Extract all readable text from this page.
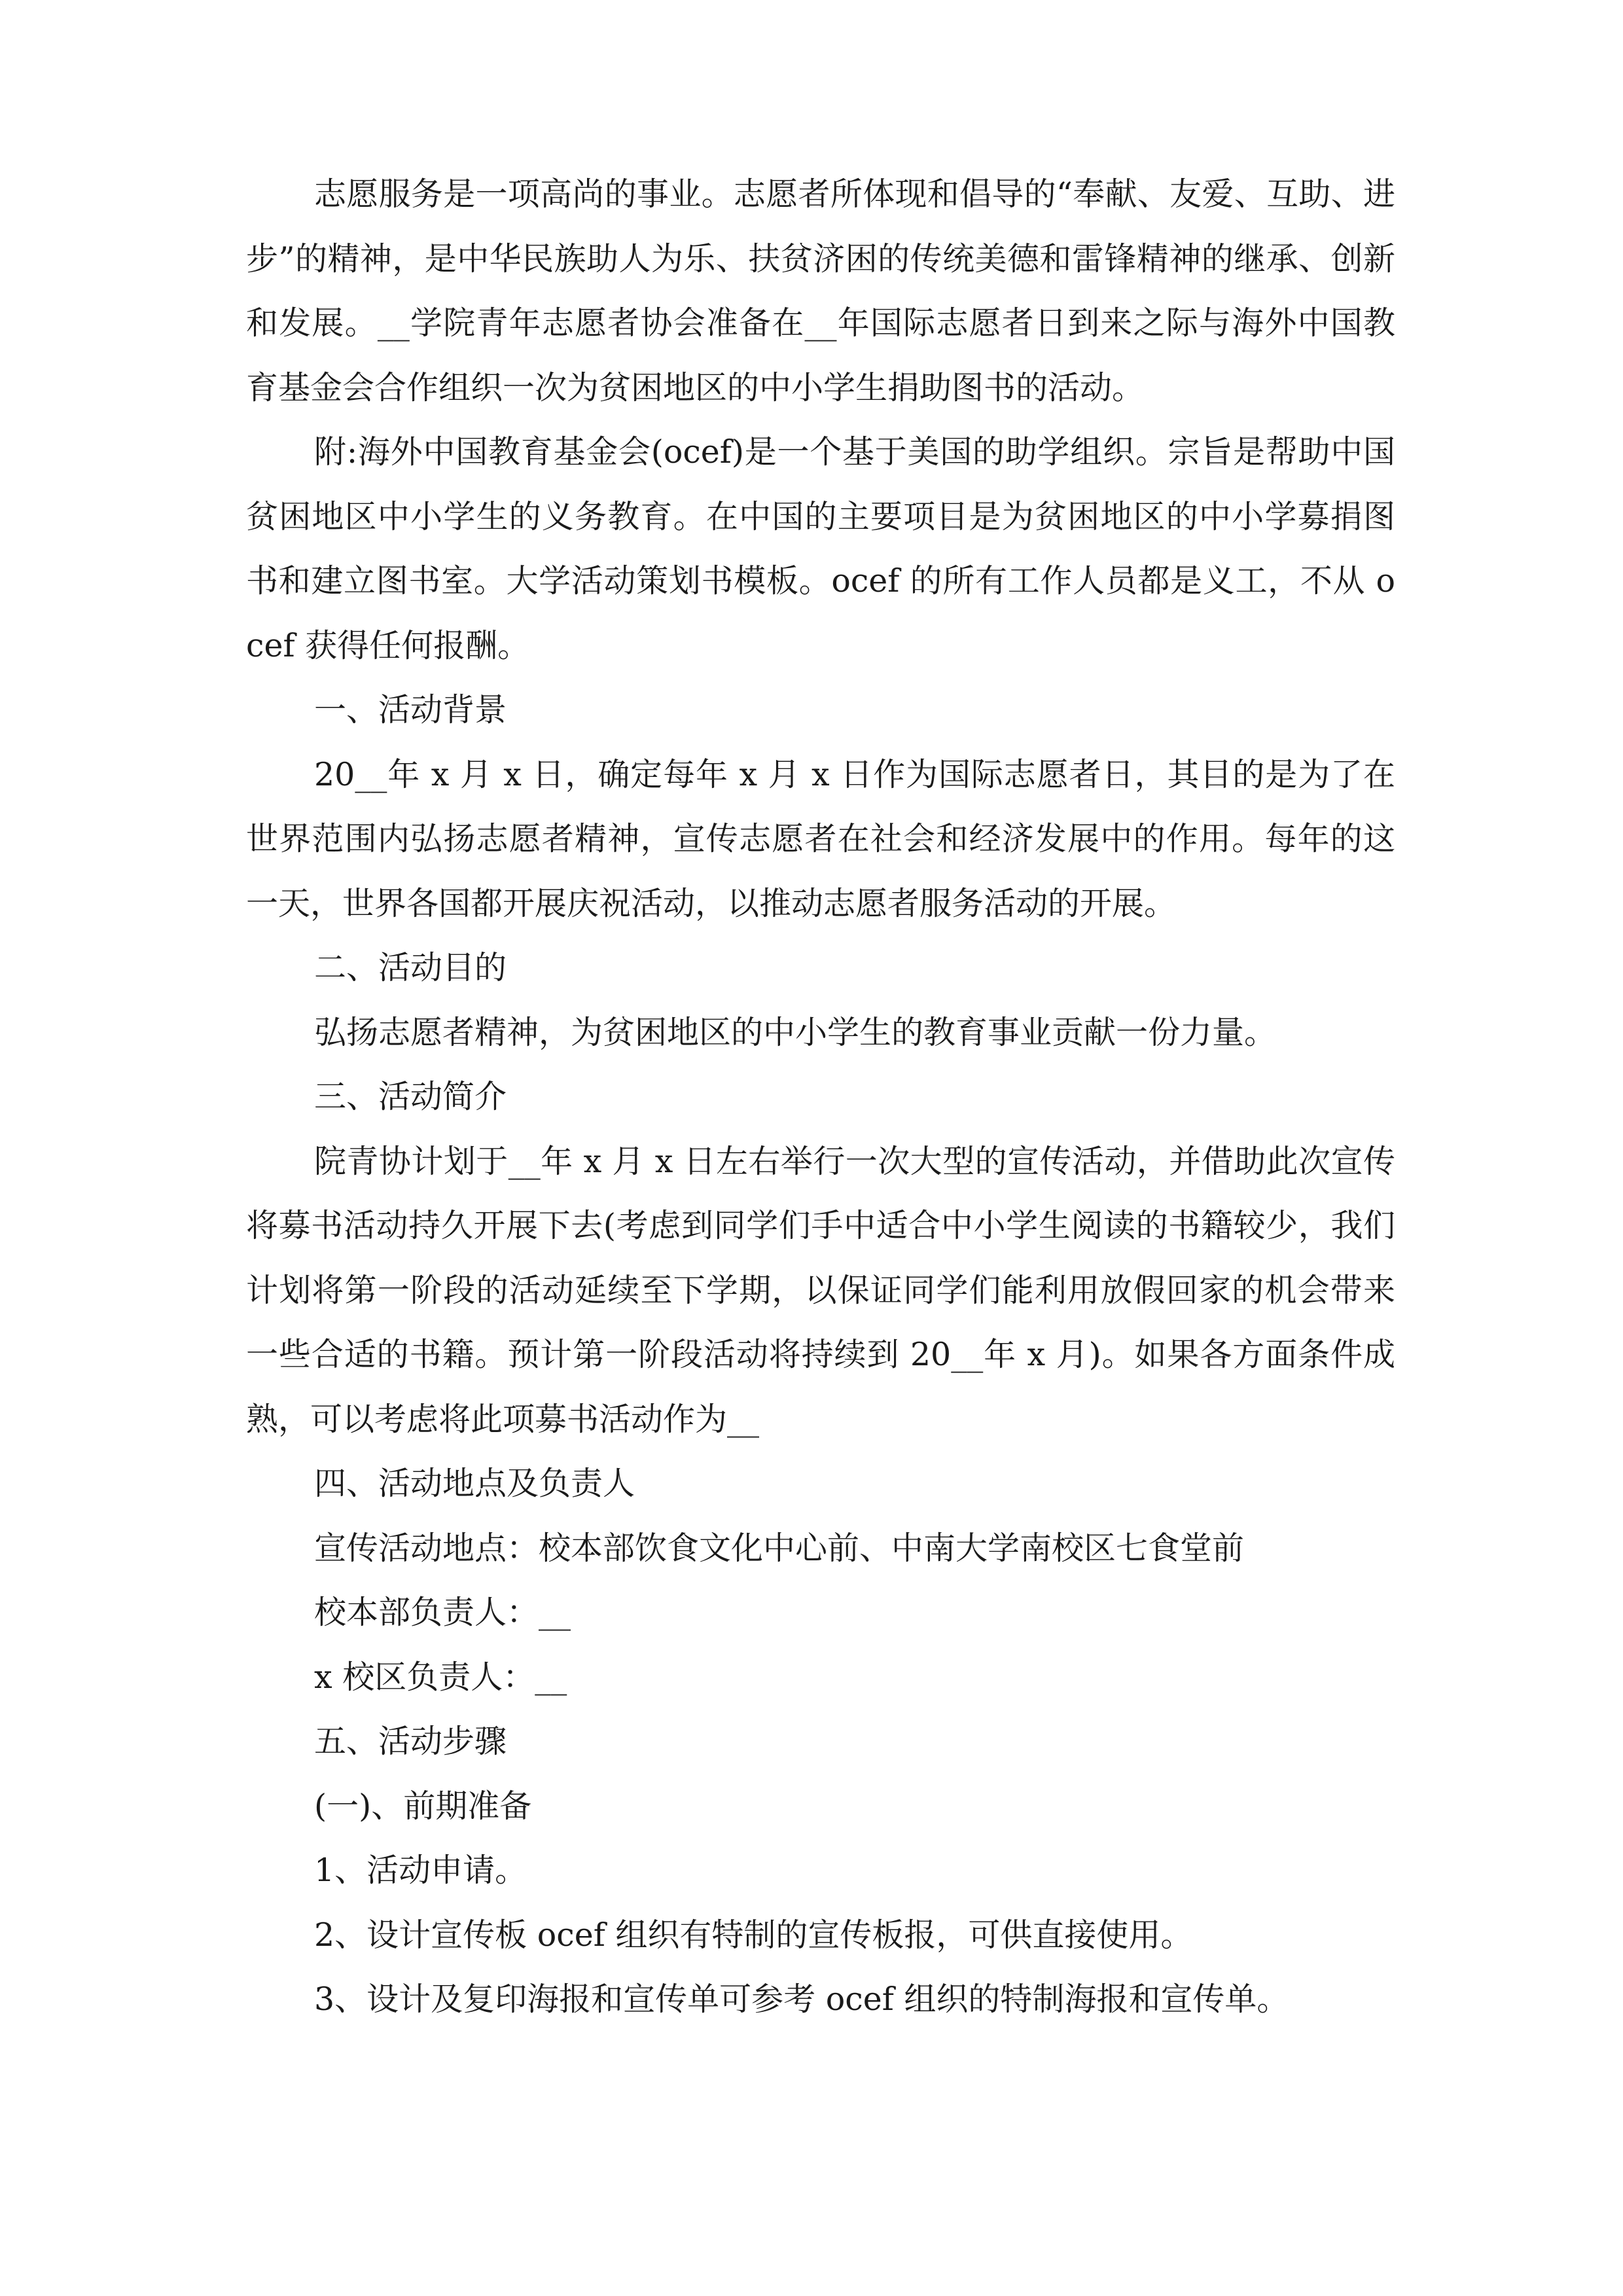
志愿服务是一项高尚的事业。志愿者所体现和倡导的“奉献、友爱、互助、进步”的精神，是中华民族助人为乐、扶贫济困的传统美德和雷锋精神的继承、创新和发展。__学院青年志愿者协会准备在__年国际志愿者日到来之际与海外中国教育基金会合作组织一次为贫困地区的中小学生捐助图书的活动。

附:海外中国教育基金会(ocef)是一个基于美国的助学组织。宗旨是帮助中国贫困地区中小学生的义务教育。在中国的主要项目是为贫困地区的中小学募捐图书和建立图书室。大学活动策划书模板。ocef 的所有工作人员都是义工，不从 ocef 获得任何报酬。

一、活动背景

20__年 x 月 x 日，确定每年 x 月 x 日作为国际志愿者日，其目的是为了在世界范围内弘扬志愿者精神，宣传志愿者在社会和经济发展中的作用。每年的这一天，世界各国都开展庆祝活动，以推动志愿者服务活动的开展。

二、活动目的

弘扬志愿者精神，为贫困地区的中小学生的教育事业贡献一份力量。

三、活动简介

院青协计划于__年 x 月 x 日左右举行一次大型的宣传活动，并借助此次宣传将募书活动持久开展下去(考虑到同学们手中适合中小学生阅读的书籍较少，我们计划将第一阶段的活动延续至下学期，以保证同学们能利用放假回家的机会带来一些合适的书籍。预计第一阶段活动将持续到 20__年 x 月)。如果各方面条件成熟，可以考虑将此项募书活动作为__

四、活动地点及负责人

宣传活动地点：校本部饮食文化中心前、中南大学南校区七食堂前

校本部负责人：__

x 校区负责人：__

五、活动步骤

(一)、前期准备

1、活动申请。

2、设计宣传板 ocef 组织有特制的宣传板报，可供直接使用。

3、设计及复印海报和宣传单可参考 ocef 组织的特制海报和宣传单。
